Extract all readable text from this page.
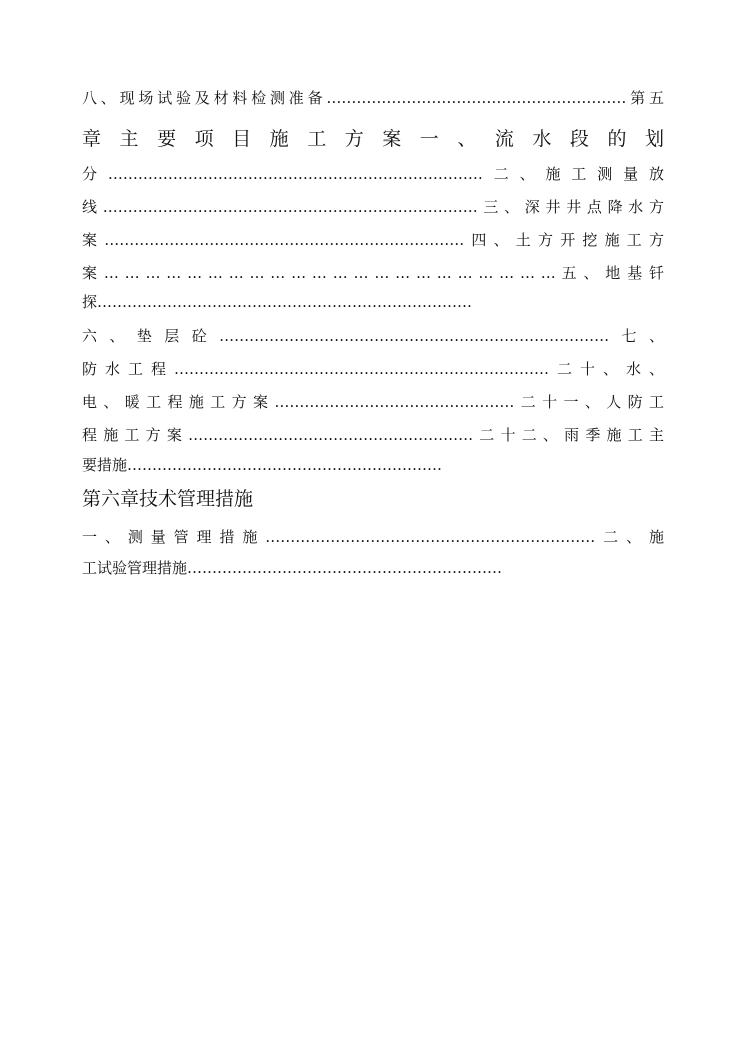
八、现场试验及材料检测准备……………………………………………………第五
章 主 要 项 目 施 工 方 案 一 、 流 水 段 的 划
分…………………………………………………………………二、施工测量放
线…………………………………………………………………三、深井井点降水方
案………………………………………………………………四、土方开挖施工方
案 … … … … … … … … … … … … … … … … … … … … … … 五 、 地 基 钎
探…………………………………………………………………
六、垫层砼……………………………………………………………………七、
防水工程…………………………………………………………………二十、水、
电、暖工程施工方案…………………………………………二十一、人防工
程施工方案…………………………………………………二十二、雨季施工主
要措施………………………………………………………
第六章技术管理措施
一、测量管理措施…………………………………………………………二、施
工试验管理措施………………………………………………………
